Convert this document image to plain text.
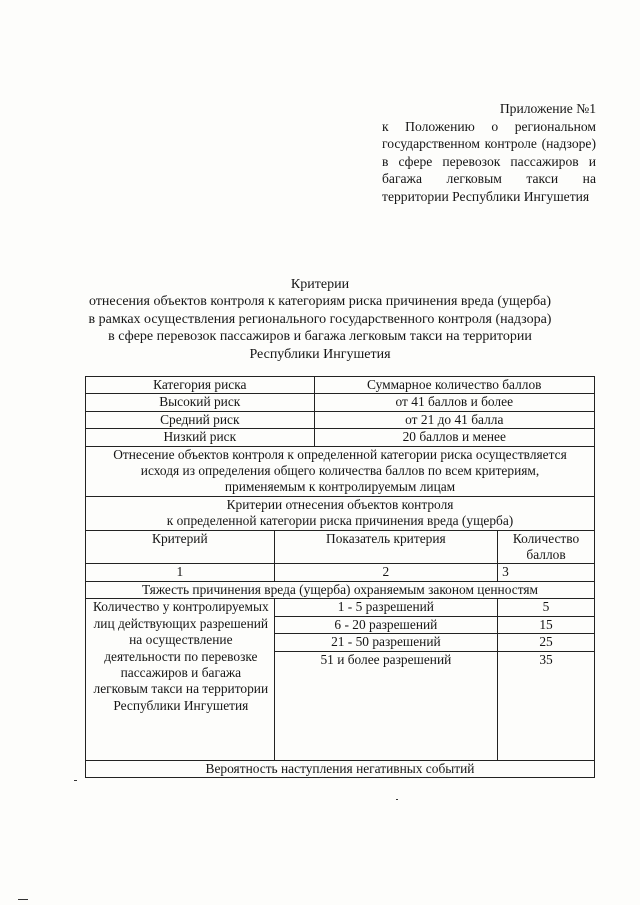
Приложение №1
к Положению о региональном государственном контроле (надзоре) в сфере перевозок пассажиров и багажа легковым такси на территории Республики Ингушетия
Критерии
отнесения объектов контроля к категориям риска причинения вреда (ущерба)
в рамках осуществления регионального государственного контроля (надзора)
в сфере перевозок пассажиров и багажа легковым такси на территории
Республики Ингушетия

Категория риска		Суммарное количество баллов		
Высокий риск		от 41 баллов и более		
Средний риск		от 21 до 41 балла		
Низкий риск		20 баллов и менее		
Отнесение объектов контроля к определенной категории риска осуществляется исходя из определения общего количества баллов по всем критериям, применяемым к контролируемым лицам				

Критерии отнесения объектов контроля
к определенной категории риска причинения вреда (ущерба)				

Критерий	Показатель критерия			Количество баллов
1	2			3
Тяжесть причинения вреда (ущерба) охраняемым законом ценностям				
Количество у контролируемых лиц действующих разрешений на осуществление деятельности по перевозке пассажиров и багажа легковым такси на территории Республики Ингушетия	1 - 5 разрешений			5
	6 - 20 разрешений			15
	21 - 50 разрешений			25
	51 и более разрешений			35
Вероятность наступления негативных событий				
